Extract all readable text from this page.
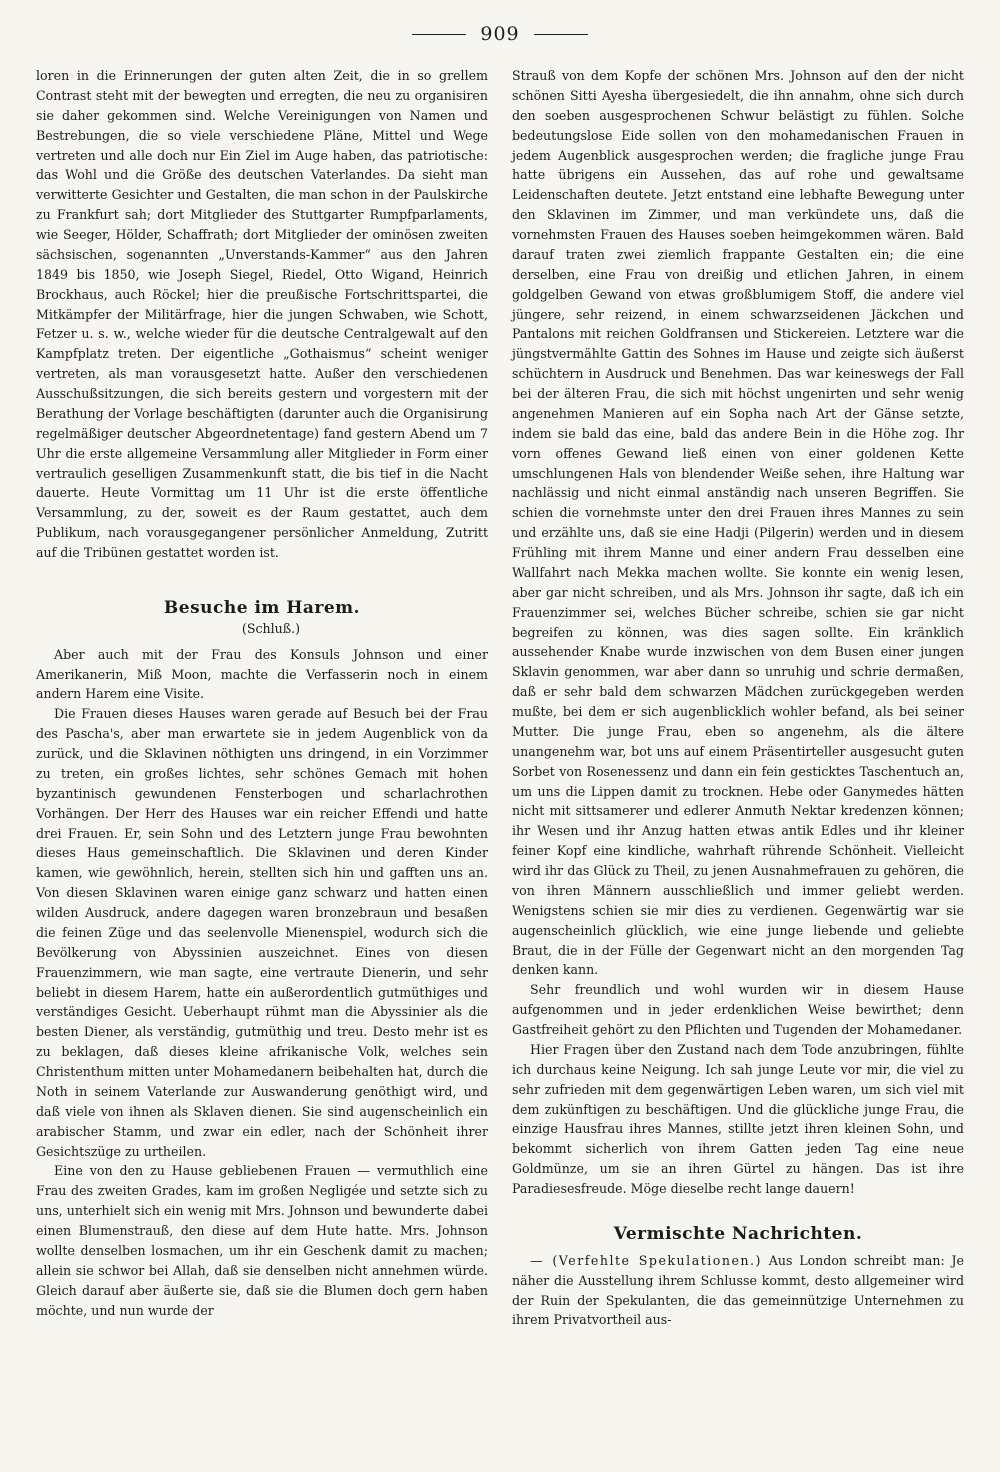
909

loren in die Erinnerungen der guten alten Zeit, die in so grellem Contrast steht mit der bewegten und erregten, die neu zu organisiren sie daher gekommen sind. Welche Vereinigungen von Namen und Bestrebungen, die so viele verschiedene Pläne, Mittel und Wege vertreten und alle doch nur Ein Ziel im Auge haben, das patriotische: das Wohl und die Größe des deutschen Vaterlandes. Da sieht man verwitterte Gesichter und Gestalten, die man schon in der Paulskirche zu Frankfurt sah; dort Mitglieder des Stuttgarter Rumpfparlaments, wie Seeger, Hölder, Schaffrath; dort Mitglieder der ominösen zweiten sächsischen, sogenannten „Unverstands-Kammer“ aus den Jahren 1849 bis 1850, wie Joseph Siegel, Riedel, Otto Wigand, Heinrich Brockhaus, auch Röckel; hier die preußische Fortschrittspartei, die Mitkämpfer der Militärfrage, hier die jungen Schwaben, wie Schott, Fetzer u. s. w., welche wieder für die deutsche Centralgewalt auf den Kampfplatz treten. Der eigentliche „Gothaismus“ scheint weniger vertreten, als man vorausgesetzt hatte. Außer den verschiedenen Ausschußsitzungen, die sich bereits gestern und vorgestern mit der Berathung der Vorlage beschäftigten (darunter auch die Organisirung regelmäßiger deutscher Abgeordnetentage) fand gestern Abend um 7 Uhr die erste allgemeine Versammlung aller Mitglieder in Form einer vertraulich geselligen Zusammenkunft statt, die bis tief in die Nacht dauerte. Heute Vormittag um 11 Uhr ist die erste öffentliche Versammlung, zu der, soweit es der Raum gestattet, auch dem Publikum, nach vorausgegangener persönlicher Anmeldung, Zutritt auf die Tribünen gestattet worden ist.

Besuche im Harem.

(Schluß.)

Aber auch mit der Frau des Konsuls Johnson und einer Amerikanerin, Miß Moon, machte die Verfasserin noch in einem andern Harem eine Visite.

Die Frauen dieses Hauses waren gerade auf Besuch bei der Frau des Pascha's, aber man erwartete sie in jedem Augenblick von da zurück, und die Sklavinen nöthigten uns dringend, in ein Vorzimmer zu treten, ein großes lichtes, sehr schönes Gemach mit hohen byzantinisch gewundenen Fensterbogen und scharlachrothen Vorhängen. Der Herr des Hauses war ein reicher Effendi und hatte drei Frauen. Er, sein Sohn und des Letztern junge Frau bewohnten dieses Haus gemeinschaftlich. Die Sklavinen und deren Kinder kamen, wie gewöhnlich, herein, stellten sich hin und gafften uns an. Von diesen Sklavinen waren einige ganz schwarz und hatten einen wilden Ausdruck, andere dagegen waren bronzebraun und besaßen die feinen Züge und das seelenvolle Mienenspiel, wodurch sich die Bevölkerung von Abyssinien auszeichnet. Eines von diesen Frauenzimmern, wie man sagte, eine vertraute Dienerin, und sehr beliebt in diesem Harem, hatte ein außerordentlich gutmüthiges und verständiges Gesicht. Ueberhaupt rühmt man die Abyssinier als die besten Diener, als verständig, gutmüthig und treu. Desto mehr ist es zu beklagen, daß dieses kleine afrikanische Volk, welches sein Christenthum mitten unter Mohamedanern beibehalten hat, durch die Noth in seinem Vaterlande zur Auswanderung genöthigt wird, und daß viele von ihnen als Sklaven dienen. Sie sind augenscheinlich ein arabischer Stamm, und zwar ein edler, nach der Schönheit ihrer Gesichtszüge zu urtheilen.

Eine von den zu Hause gebliebenen Frauen — vermuthlich eine Frau des zweiten Grades, kam im großen Negligée und setzte sich zu uns, unterhielt sich ein wenig mit Mrs. Johnson und bewunderte dabei einen Blumenstrauß, den diese auf dem Hute hatte. Mrs. Johnson wollte denselben losmachen, um ihr ein Geschenk damit zu machen; allein sie schwor bei Allah, daß sie denselben nicht annehmen würde. Gleich darauf aber äußerte sie, daß sie die Blumen doch gern haben möchte, und nun wurde der

Strauß von dem Kopfe der schönen Mrs. Johnson auf den der nicht schönen Sitti Ayesha übergesiedelt, die ihn annahm, ohne sich durch den soeben ausgesprochenen Schwur belästigt zu fühlen. Solche bedeutungslose Eide sollen von den mohamedanischen Frauen in jedem Augenblick ausgesprochen werden; die fragliche junge Frau hatte übrigens ein Aussehen, das auf rohe und gewaltsame Leidenschaften deutete. Jetzt entstand eine lebhafte Bewegung unter den Sklavinen im Zimmer, und man verkündete uns, daß die vornehmsten Frauen des Hauses soeben heimgekommen wären. Bald darauf traten zwei ziemlich frappante Gestalten ein; die eine derselben, eine Frau von dreißig und etlichen Jahren, in einem goldgelben Gewand von etwas großblumigem Stoff, die andere viel jüngere, sehr reizend, in einem schwarzseidenen Jäckchen und Pantalons mit reichen Goldfransen und Stickereien. Letztere war die jüngstvermählte Gattin des Sohnes im Hause und zeigte sich äußerst schüchtern in Ausdruck und Benehmen. Das war keineswegs der Fall bei der älteren Frau, die sich mit höchst ungenirten und sehr wenig angenehmen Manieren auf ein Sopha nach Art der Gänse setzte, indem sie bald das eine, bald das andere Bein in die Höhe zog. Ihr vorn offenes Gewand ließ einen von einer goldenen Kette umschlungenen Hals von blendender Weiße sehen, ihre Haltung war nachlässig und nicht einmal anständig nach unseren Begriffen. Sie schien die vornehmste unter den drei Frauen ihres Mannes zu sein und erzählte uns, daß sie eine Hadji (Pilgerin) werden und in diesem Frühling mit ihrem Manne und einer andern Frau desselben eine Wallfahrt nach Mekka machen wollte. Sie konnte ein wenig lesen, aber gar nicht schreiben, und als Mrs. Johnson ihr sagte, daß ich ein Frauenzimmer sei, welches Bücher schreibe, schien sie gar nicht begreifen zu können, was dies sagen sollte. Ein kränklich aussehender Knabe wurde inzwischen von dem Busen einer jungen Sklavin genommen, war aber dann so unruhig und schrie dermaßen, daß er sehr bald dem schwarzen Mädchen zurückgegeben werden mußte, bei dem er sich augenblicklich wohler befand, als bei seiner Mutter. Die junge Frau, eben so angenehm, als die ältere unangenehm war, bot uns auf einem Präsentirteller ausgesucht guten Sorbet von Rosenessenz und dann ein fein gesticktes Taschentuch an, um uns die Lippen damit zu trocknen. Hebe oder Ganymedes hätten nicht mit sittsamerer und edlerer Anmuth Nektar kredenzen können; ihr Wesen und ihr Anzug hatten etwas antik Edles und ihr kleiner feiner Kopf eine kindliche, wahrhaft rührende Schönheit. Vielleicht wird ihr das Glück zu Theil, zu jenen Ausnahmefrauen zu gehören, die von ihren Männern ausschließlich und immer geliebt werden. Wenigstens schien sie mir dies zu verdienen. Gegenwärtig war sie augenscheinlich glücklich, wie eine junge liebende und geliebte Braut, die in der Fülle der Gegenwart nicht an den morgenden Tag denken kann.

Sehr freundlich und wohl wurden wir in diesem Hause aufgenommen und in jeder erdenklichen Weise bewirthet; denn Gastfreiheit gehört zu den Pflichten und Tugenden der Mohamedaner.

Hier Fragen über den Zustand nach dem Tode anzubringen, fühlte ich durchaus keine Neigung. Ich sah junge Leute vor mir, die viel zu sehr zufrieden mit dem gegenwärtigen Leben waren, um sich viel mit dem zukünftigen zu beschäftigen. Und die glückliche junge Frau, die einzige Hausfrau ihres Mannes, stillte jetzt ihren kleinen Sohn, und bekommt sicherlich von ihrem Gatten jeden Tag eine neue Goldmünze, um sie an ihren Gürtel zu hängen. Das ist ihre Paradiesesfreude. Möge dieselbe recht lange dauern!

Vermischte Nachrichten.

— (Verfehlte Spekulationen.) Aus London schreibt man: Je näher die Ausstellung ihrem Schlusse kommt, desto allgemeiner wird der Ruin der Spekulanten, die das gemeinnützige Unternehmen zu ihrem Privatvortheil aus-
